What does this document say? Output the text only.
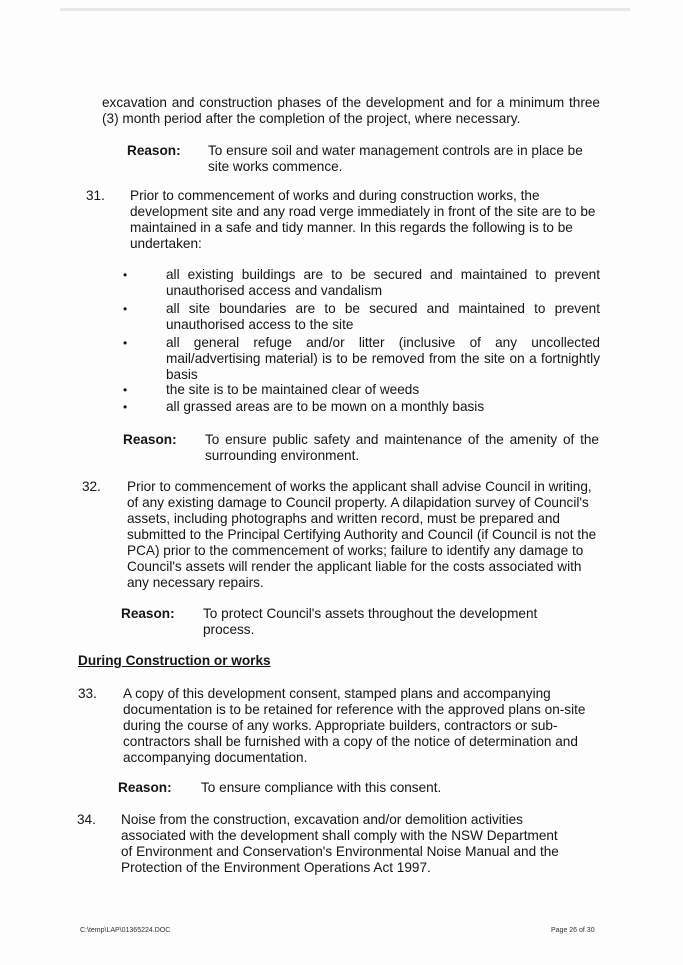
excavation and construction phases of the development and for a minimum three (3) month period after the completion of the project, where necessary.
Reason: To ensure soil and water management controls are in place be site works commence.
31. Prior to commencement of works and during construction works, the development site and any road verge immediately in front of the site are to be maintained in a safe and tidy manner. In this regards the following is to be undertaken:
•	all existing buildings are to be secured and maintained to prevent unauthorised access and vandalism
•	all site boundaries are to be secured and maintained to prevent unauthorised access to the site
•	all general refuge and/or litter (inclusive of any uncollected mail/advertising material) is to be removed from the site on a fortnightly basis
•	the site is to be maintained clear of weeds
•	all grassed areas are to be mown on a monthly basis
Reason: To ensure public safety and maintenance of the amenity of the surrounding environment.
32. Prior to commencement of works the applicant shall advise Council in writing, of any existing damage to Council property. A dilapidation survey of Council's assets, including photographs and written record, must be prepared and submitted to the Principal Certifying Authority and Council (if Council is not the PCA) prior to the commencement of works; failure to identify any damage to Council's assets will render the applicant liable for the costs associated with any necessary repairs.
Reason: To protect Council's assets throughout the development process.
During Construction or works
33. A copy of this development consent, stamped plans and accompanying documentation is to be retained for reference with the approved plans on-site during the course of any works. Appropriate builders, contractors or sub-contractors shall be furnished with a copy of the notice of determination and accompanying documentation.
Reason: To ensure compliance with this consent.
34. Noise from the construction, excavation and/or demolition activities associated with the development shall comply with the NSW Department of Environment and Conservation's Environmental Noise Manual and the Protection of the Environment Operations Act 1997.
C:\temp\LAP\01365224.DOC	Page 26 of 30
